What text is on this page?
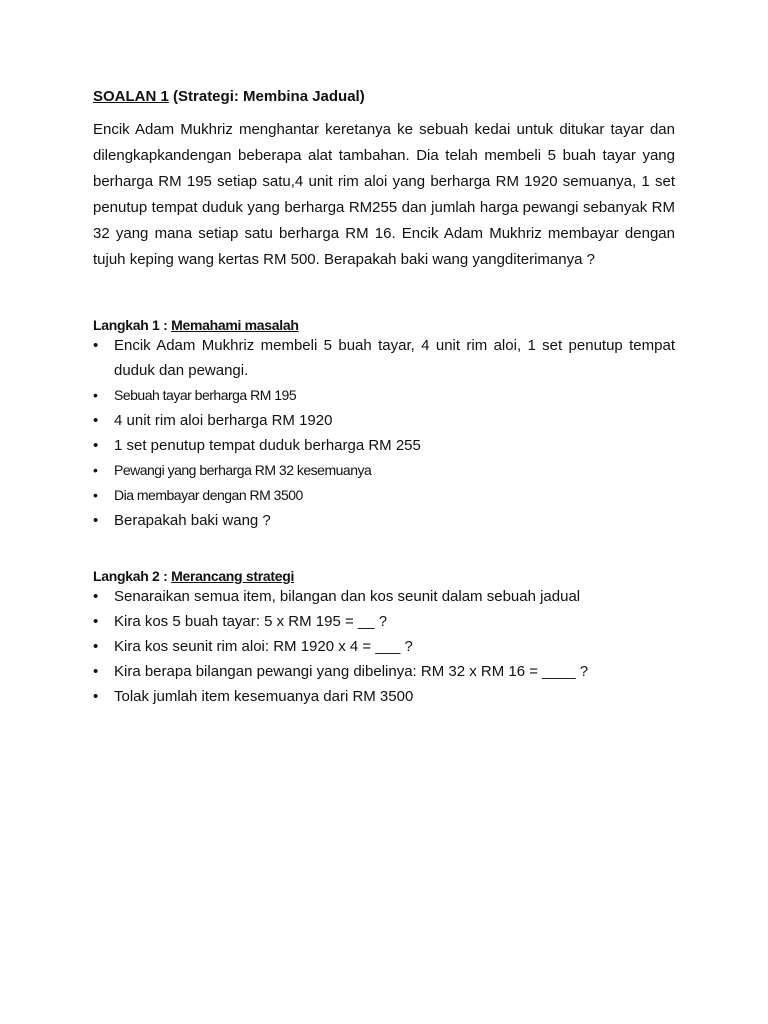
SOALAN 1 (Strategi: Membina Jadual)
Encik Adam Mukhriz menghantar keretanya ke sebuah kedai untuk ditukar tayar dan dilengkapkandengan beberapa alat tambahan. Dia telah membeli 5 buah tayar yang berharga RM 195 setiap satu,4 unit rim aloi yang berharga RM 1920 semuanya, 1 set penutup tempat duduk yang berharga RM255 dan jumlah harga pewangi sebanyak RM 32 yang mana setiap satu berharga RM 16. Encik Adam Mukhriz membayar dengan tujuh keping wang kertas RM 500. Berapakah baki wang yangditerimanya ?
Langkah 1 : Memahami masalah
• Encik Adam Mukhriz membeli 5 buah tayar, 4 unit rim aloi, 1 set penutup tempat duduk dan pewangi.
• Sebuah tayar berharga RM 195
• 4 unit rim aloi berharga RM 1920
• 1 set penutup tempat duduk berharga RM 255
• Pewangi yang berharga RM 32 kesemuanya
• Dia membayar dengan RM 3500
• Berapakah baki wang ?
Langkah 2 : Merancang strategi
• Senaraikan semua item, bilangan dan kos seunit dalam sebuah jadual
• Kira kos 5 buah tayar: 5 x RM 195 = __ ?
• Kira kos seunit rim aloi: RM 1920 x 4 = ___ ?
• Kira berapa bilangan pewangi yang dibelinya: RM 32 x RM 16 = ____ ?
• Tolak jumlah item kesemuanya dari RM 3500
